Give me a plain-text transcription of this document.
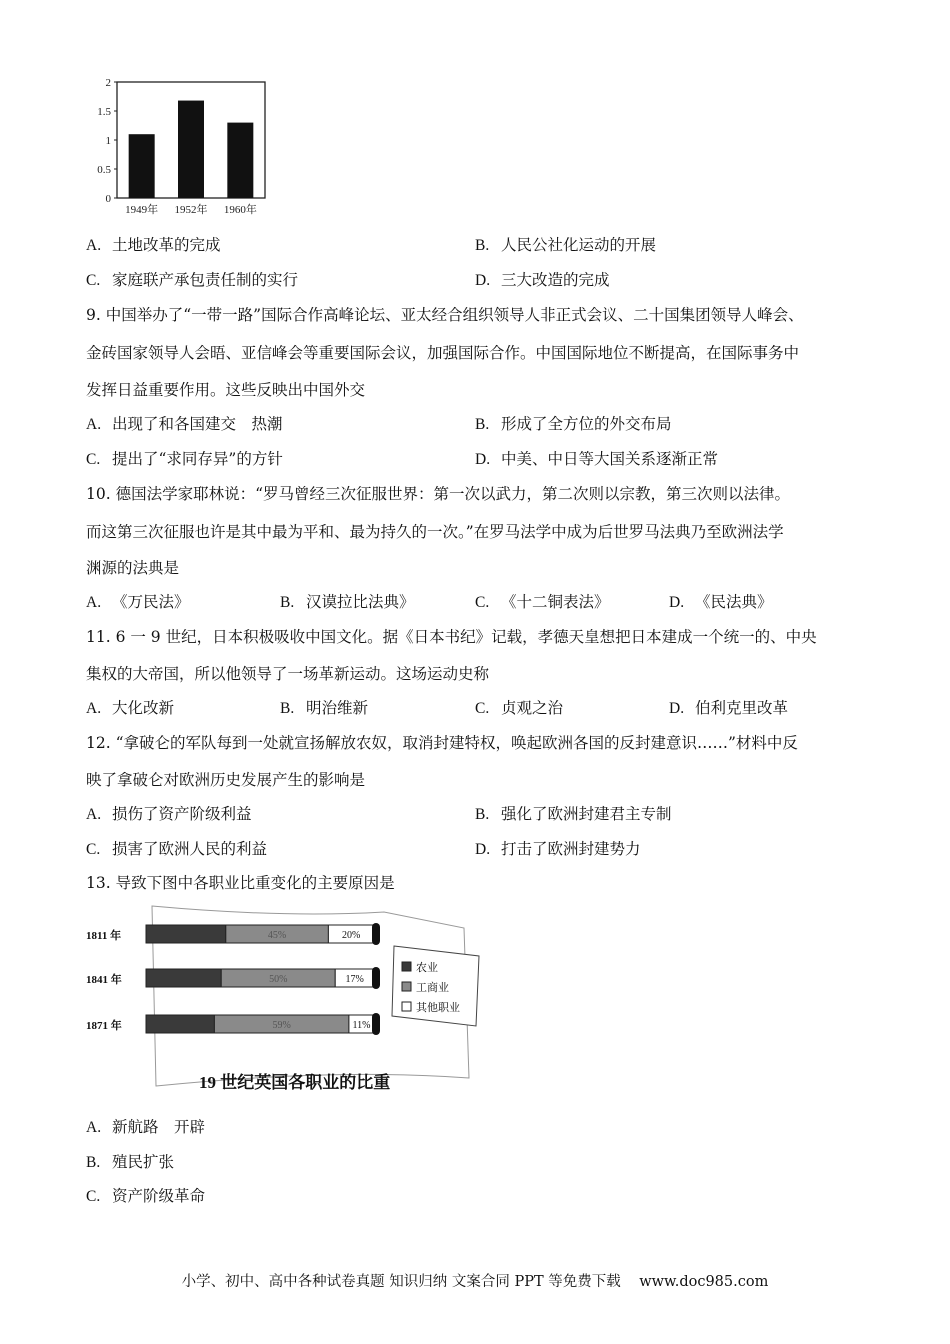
2
1.5
1
0.5
0
1949年 1952年 1960年
A. 土地改革的完成	B. 人民公社化运动的开展
C. 家庭联产承包责任制的实行	D. 三大改造的完成
9. 中国举办了“一带一路”国际合作高峰论坛、亚太经合组织领导人非正式会议、二十国集团领导人峰会、
金砖国家领导人会晤、亚信峰会等重要国际会议，加强国际合作。中国国际地位不断提高，在国际事务中
发挥日益重要作用。这些反映出中国外交
A. 出现了和各国建交　热潮	B. 形成了全方位的外交布局
C. 提出了“求同存异”的方针	D. 中美、中日等大国关系逐渐正常
10. 德国法学家耶林说：“罗马曾经三次征服世界：第一次以武力，第二次则以宗教，第三次则以法律。
而这第三次征服也许是其中最为平和、最为持久的一次。”在罗马法学中成为后世罗马法典乃至欧洲法学
渊源的法典是
A. 《万民法》	B. 汉谟拉比法典》	C. 《十二铜表法》	D. 《民法典》
11. 6 一 9 世纪，日本积极吸收中国文化。据《日本书纪》记载，孝德天皇想把日本建成一个统一的、中央
集权的大帝国，所以他领导了一场革新运动。这场运动史称
A. 大化改新	B. 明治维新	C. 贞观之治	D. 伯利克里改革
12. “拿破仑的军队每到一处就宣扬解放农奴，取消封建特权，唤起欧洲各国的反封建意识……”材料中反
映了拿破仑对欧洲历史发展产生的影响是
A. 损伤了资产阶级利益	B. 强化了欧洲封建君主专制
C. 损害了欧洲人民的利益	D. 打击了欧洲封建势力
13. 导致下图中各职业比重变化的主要原因是
1811 年	45%	20%
1841 年	50%	17%
1871 年	59%	11%
农业
工商业
其他职业
19 世纪英国各职业的比重
A. 新航路　开辟
B. 殖民扩张
C. 资产阶级革命
小学、初中、高中各种试卷真题 知识归纳 文案合同 PPT 等免费下载 www.doc985.com
